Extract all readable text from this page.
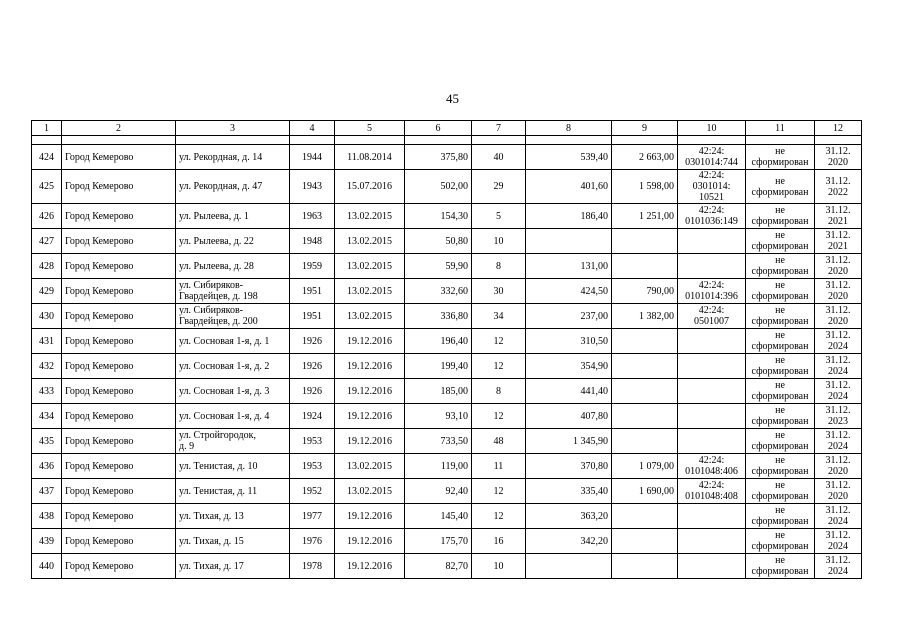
45
1	2	3	4	5	6	7	8	9	10	11	12

424	Город Кемерово	ул. Рекордная, д. 14	1944	11.08.2014	375,80	40	539,40	2 663,00	42:24:
0301014:744	не
сформирован	31.12.
2020
425	Город Кемерово	ул. Рекордная, д. 47	1943	15.07.2016	502,00	29	401,60	1 598,00	42:24:
0301014:
10521	не
сформирован	31.12.
2022
426	Город Кемерово	ул. Рылеева, д. 1	1963	13.02.2015	154,30	5	186,40	1 251,00	42:24:
0101036:149	не
сформирован	31.12.
2021
427	Город Кемерово	ул. Рылеева, д. 22	1948	13.02.2015	50,80	10				не
сформирован	31.12.
2021
428	Город Кемерово	ул. Рылеева, д. 28	1959	13.02.2015	59,90	8	131,00			не
сформирован	31.12.
2020
429	Город Кемерово	ул. Сибиряков-
Гвардейцев, д. 198	1951	13.02.2015	332,60	30	424,50	790,00	42:24:
0101014:396	не
сформирован	31.12.
2020
430	Город Кемерово	ул. Сибиряков-
Гвардейцев, д. 200	1951	13.02.2015	336,80	34	237,00	1 382,00	42:24:
0501007	не
сформирован	31.12.
2020
431	Город Кемерово	ул. Сосновая 1-я, д. 1	1926	19.12.2016	196,40	12	310,50			не
сформирован	31.12.
2024
432	Город Кемерово	ул. Сосновая 1-я, д. 2	1926	19.12.2016	199,40	12	354,90			не
сформирован	31.12.
2024
433	Город Кемерово	ул. Сосновая 1-я, д. 3	1926	19.12.2016	185,00	8	441,40			не
сформирован	31.12.
2024
434	Город Кемерово	ул. Сосновая 1-я, д. 4	1924	19.12.2016	93,10	12	407,80			не
сформирован	31.12.
2023
435	Город Кемерово	ул. Стройгородок,
д. 9	1953	19.12.2016	733,50	48	1 345,90			не
сформирован	31.12.
2024
436	Город Кемерово	ул. Тенистая, д. 10	1953	13.02.2015	119,00	11	370,80	1 079,00	42:24:
0101048:406	не
сформирован	31.12.
2020
437	Город Кемерово	ул. Тенистая, д. 11	1952	13.02.2015	92,40	12	335,40	1 690,00	42:24:
0101048:408	не
сформирован	31.12.
2020
438	Город Кемерово	ул. Тихая, д. 13	1977	19.12.2016	145,40	12	363,20			не
сформирован	31.12.
2024
439	Город Кемерово	ул. Тихая, д. 15	1976	19.12.2016	175,70	16	342,20			не
сформирован	31.12.
2024
440	Город Кемерово	ул. Тихая, д. 17	1978	19.12.2016	82,70	10				не
сформирован	31.12.
2024
